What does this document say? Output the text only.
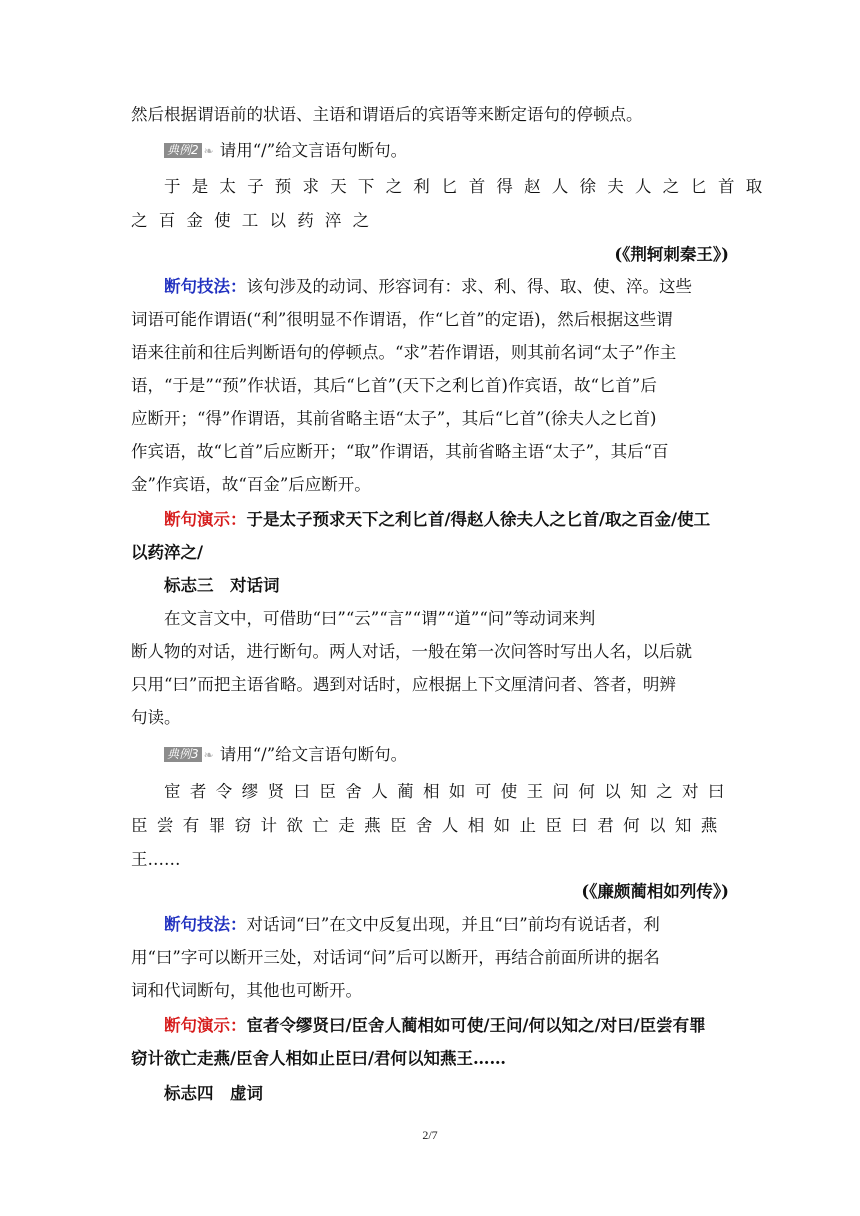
然后根据谓语前的状语、主语和谓语后的宾语等来断定语句的停顿点。
典例2 ❧ 请用“/”给文言语句断句。
于是太子预求天下之利匕首得赵人徐夫人之匕首取
之百金使工以药淬之
(《荆轲刺秦王》)
断句技法：该句涉及的动词、形容词有：求、利、得、取、使、淬。这些
词语可能作谓语(“利”很明显不作谓语，作“匕首”的定语)，然后根据这些谓
语来往前和往后判断语句的停顿点。“求”若作谓语，则其前名词“太子”作主
语，“于是”“预”作状语，其后“匕首”(天下之利匕首)作宾语，故“匕首”后
应断开；“得”作谓语，其前省略主语“太子”，其后“匕首”(徐夫人之匕首)
作宾语，故“匕首”后应断开；“取”作谓语，其前省略主语“太子”，其后“百
金”作宾语，故“百金”后应断开。
断句演示：于是太子预求天下之利匕首/得赵人徐夫人之匕首/取之百金/使工
以药淬之/
标志三　对话词
在文言文中，可借助“曰”“云”“言”“谓”“道”“问”等动词来判
断人物的对话，进行断句。两人对话，一般在第一次问答时写出人名，以后就
只用“曰”而把主语省略。遇到对话时，应根据上下文厘清问者、答者，明辨
句读。
典例3 ❧ 请用“/”给文言语句断句。
宦者令缪贤曰臣舍人蔺相如可使王问何以知之对曰
臣尝有罪窃计欲亡走燕臣舍人相如止臣曰君何以知燕
王……
(《廉颇蔺相如列传》)
断句技法：对话词“曰”在文中反复出现，并且“曰”前均有说话者，利
用“曰”字可以断开三处，对话词“问”后可以断开，再结合前面所讲的据名
词和代词断句，其他也可断开。
断句演示：宦者令缪贤曰/臣舍人蔺相如可使/王问/何以知之/对曰/臣尝有罪
窃计欲亡走燕/臣舍人相如止臣曰/君何以知燕王……
标志四　虚词
2/7
